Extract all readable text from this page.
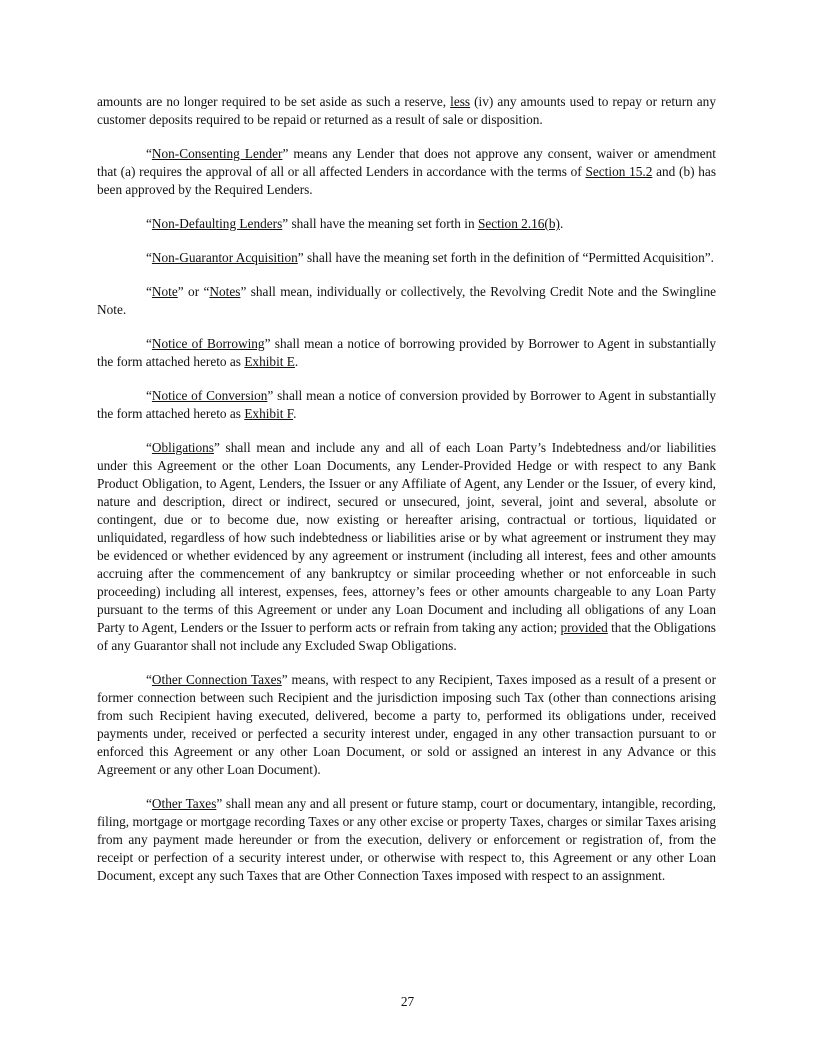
amounts are no longer required to be set aside as such a reserve, less (iv) any amounts used to repay or return any customer deposits required to be repaid or returned as a result of sale or disposition.

“Non-Consenting Lender” means any Lender that does not approve any consent, waiver or amendment that (a) requires the approval of all or all affected Lenders in accordance with the terms of Section 15.2 and (b) has been approved by the Required Lenders.

“Non-Defaulting Lenders” shall have the meaning set forth in Section 2.16(b).

“Non-Guarantor Acquisition” shall have the meaning set forth in the definition of “Permitted Acquisition”.

“Note” or “Notes” shall mean, individually or collectively, the Revolving Credit Note and the Swingline Note.

“Notice of Borrowing” shall mean a notice of borrowing provided by Borrower to Agent in substantially the form attached hereto as Exhibit E.

“Notice of Conversion” shall mean a notice of conversion provided by Borrower to Agent in substantially the form attached hereto as Exhibit F.

“Obligations” shall mean and include any and all of each Loan Party’s Indebtedness and/or liabilities under this Agreement or the other Loan Documents, any Lender-Provided Hedge or with respect to any Bank Product Obligation, to Agent, Lenders, the Issuer or any Affiliate of Agent, any Lender or the Issuer, of every kind, nature and description, direct or indirect, secured or unsecured, joint, several, joint and several, absolute or contingent, due or to become due, now existing or hereafter arising, contractual or tortious, liquidated or unliquidated, regardless of how such indebtedness or liabilities arise or by what agreement or instrument they may be evidenced or whether evidenced by any agreement or instrument (including all interest, fees and other amounts accruing after the commencement of any bankruptcy or similar proceeding whether or not enforceable in such proceeding) including all interest, expenses, fees, attorney’s fees or other amounts chargeable to any Loan Party pursuant to the terms of this Agreement or under any Loan Document and including all obligations of any Loan Party to Agent, Lenders or the Issuer to perform acts or refrain from taking any action; provided that the Obligations of any Guarantor shall not include any Excluded Swap Obligations.

“Other Connection Taxes” means, with respect to any Recipient, Taxes imposed as a result of a present or former connection between such Recipient and the jurisdiction imposing such Tax (other than connections arising from such Recipient having executed, delivered, become a party to, performed its obligations under, received payments under, received or perfected a security interest under, engaged in any other transaction pursuant to or enforced this Agreement or any other Loan Document, or sold or assigned an interest in any Advance or this Agreement or any other Loan Document).

“Other Taxes” shall mean any and all present or future stamp, court or documentary, intangible, recording, filing, mortgage or mortgage recording Taxes or any other excise or property Taxes, charges or similar Taxes arising from any payment made hereunder or from the execution, delivery or enforcement or registration of, from the receipt or perfection of a security interest under, or otherwise with respect to, this Agreement or any other Loan Document, except any such Taxes that are Other Connection Taxes imposed with respect to an assignment.

27
